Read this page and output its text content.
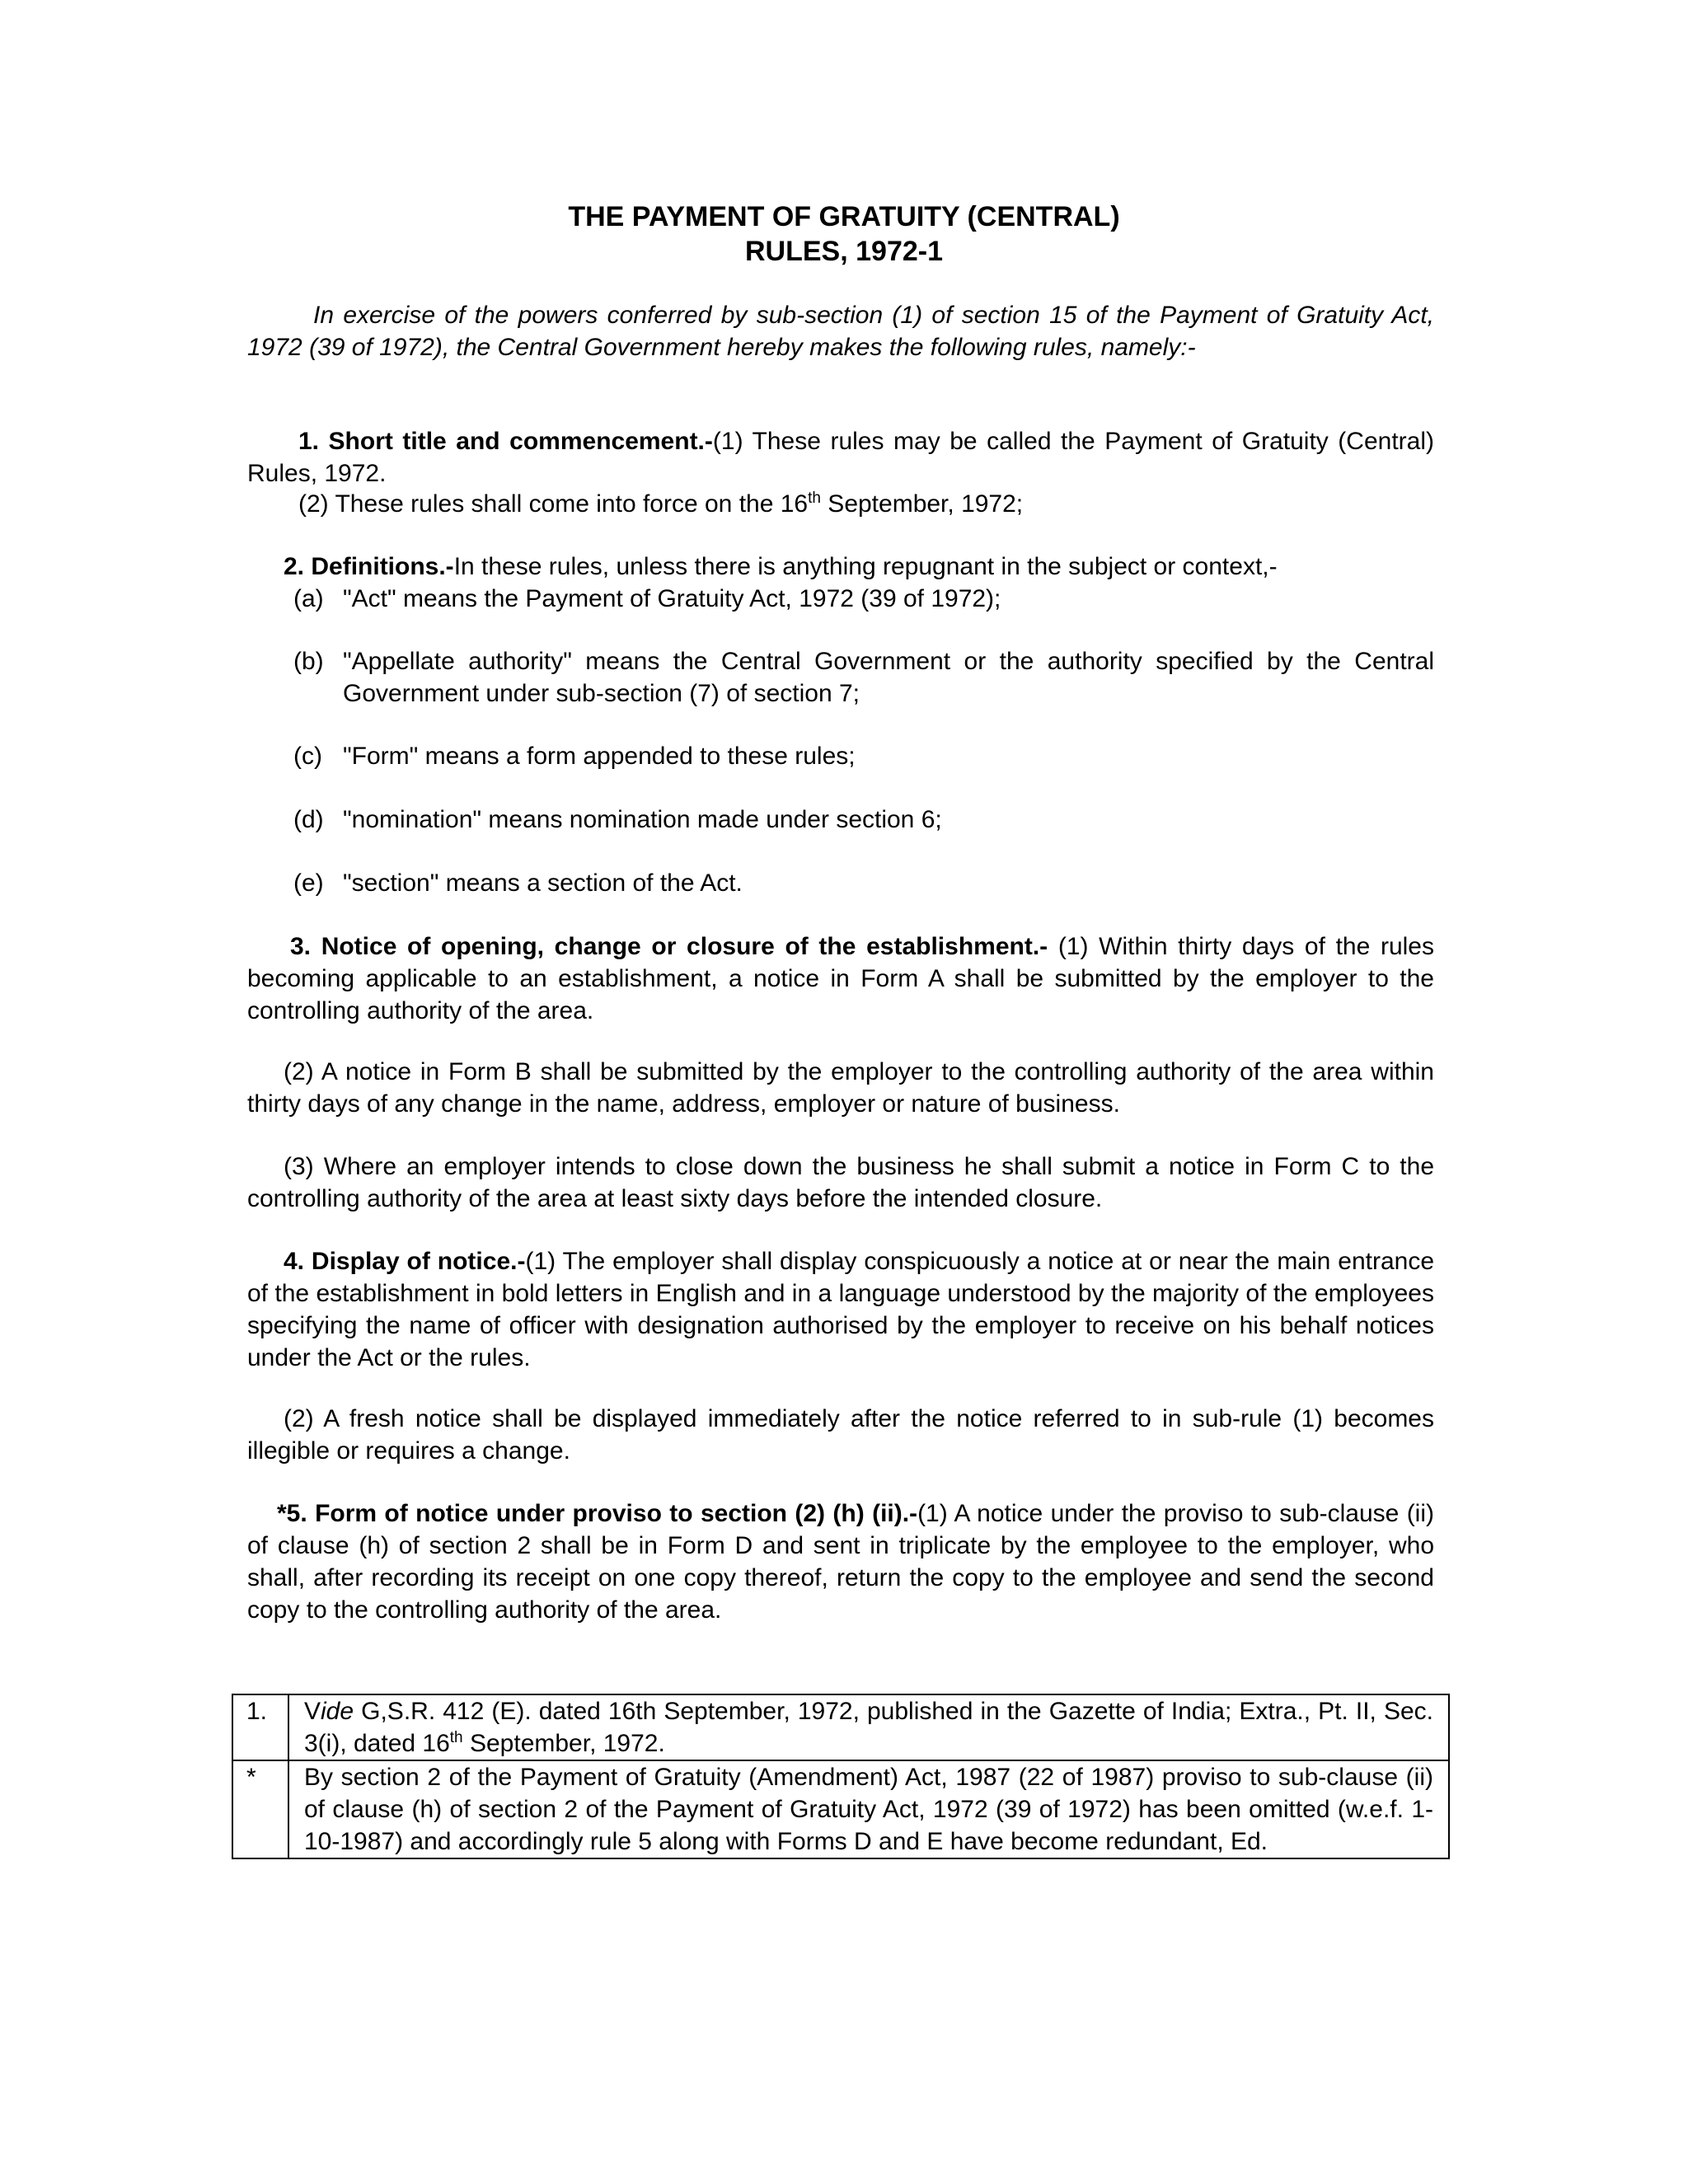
THE PAYMENT OF GRATUITY (CENTRAL)
RULES, 1972-1
In exercise of the powers conferred by sub-section (1) of section 15 of the Payment of Gratuity Act, 1972 (39 of 1972), the Central Government hereby makes the following rules, namely:-
1. Short title and commencement.-(1) These rules may be called the Payment of Gratuity (Central) Rules, 1972.
(2) These rules shall come into force on the 16th September, 1972;
2. Definitions.-In these rules, unless there is anything repugnant in the subject or context,-
(a) "Act" means the Payment of Gratuity Act, 1972 (39 of 1972);
(b) "Appellate authority" means the Central Government or the authority specified by the Central Government under sub-section (7) of section 7;
(c) "Form" means a form appended to these rules;
(d) "nomination" means nomination made under section 6;
(e) "section" means a section of the Act.
3. Notice of opening, change or closure of the establishment.- (1) Within thirty days of the rules becoming applicable to an establishment, a notice in Form A shall be submitted by the employer to the controlling authority of the area.
(2) A notice in Form B shall be submitted by the employer to the controlling authority of the area within thirty days of any change in the name, address, employer or nature of business.
(3) Where an employer intends to close down the business he shall submit a notice in Form C to the controlling authority of the area at least sixty days before the intended closure.
4. Display of notice.-(1) The employer shall display conspicuously a notice at or near the main entrance of the establishment in bold letters in English and in a language understood by the majority of the employees specifying the name of officer with designation authorised by the employer to receive on his behalf notices under the Act or the rules.
(2) A fresh notice shall be displayed immediately after the notice referred to in sub-rule (1) becomes illegible or requires a change.
*5. Form of notice under proviso to section (2) (h) (ii).-(1) A notice under the proviso to sub-clause (ii) of clause (h) of section 2 shall be in Form D and sent in triplicate by the employee to the employer, who shall, after recording its receipt on one copy thereof, return the copy to the employee and send the second copy to the controlling authority of the area.
1.	Vide G,S.R. 412 (E). dated 16th September, 1972, published in the Gazette of India; Extra., Pt. II, Sec. 3(i), dated 16th September, 1972.
*	By section 2 of the Payment of Gratuity (Amendment) Act, 1987 (22 of 1987) proviso to sub-clause (ii) of clause (h) of section 2 of the Payment of Gratuity Act, 1972 (39 of 1972) has been omitted (w.e.f. 1-10-1987) and accordingly rule 5 along with Forms D and E have become redundant, Ed.
